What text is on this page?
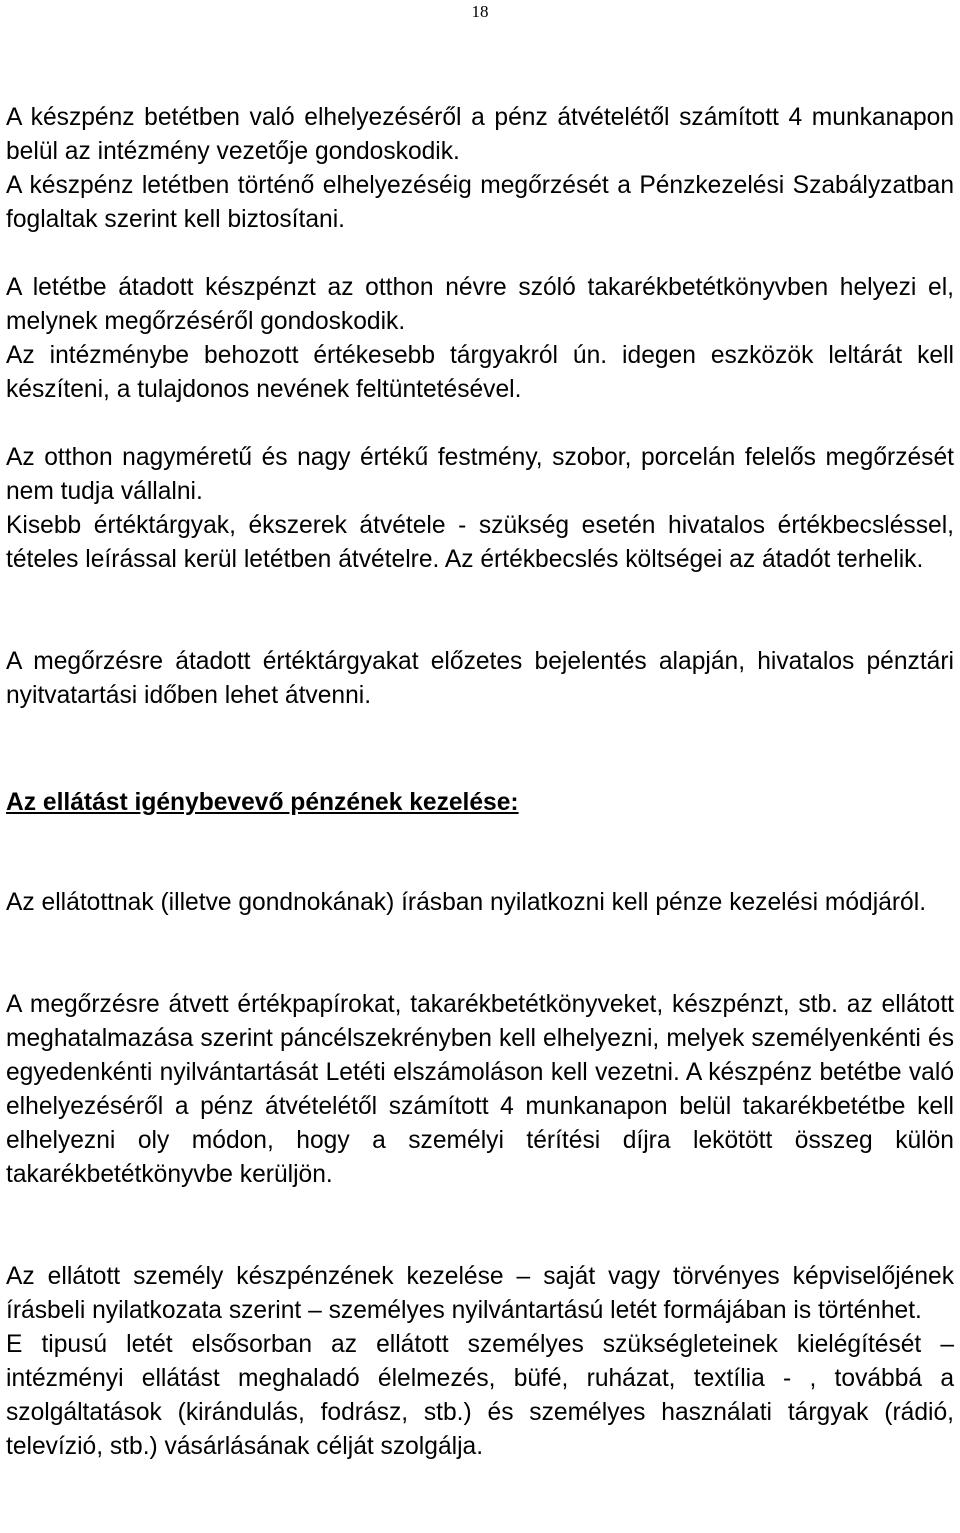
18

A készpénz betétben való elhelyezéséről a pénz átvételétől számított 4 munkanapon belül az intézmény vezetője gondoskodik.

A készpénz letétben történő elhelyezéséig megőrzését a Pénzkezelési Szabályzatban foglaltak szerint kell biztosítani.

A letétbe átadott készpénzt az otthon névre szóló takarékbetétkönyvben helyezi el, melynek megőrzéséről gondoskodik.

Az intézménybe behozott értékesebb tárgyakról ún. idegen eszközök leltárát kell készíteni, a tulajdonos nevének feltüntetésével.

Az otthon nagyméretű és nagy értékű festmény, szobor, porcelán felelős megőrzését nem tudja vállalni.

Kisebb értéktárgyak, ékszerek átvétele - szükség esetén hivatalos értékbecsléssel, tételes leírással kerül letétben átvételre. Az értékbecslés költségei az átadót terhelik.

A megőrzésre átadott értéktárgyakat előzetes bejelentés alapján, hivatalos pénztári nyitvatartási időben lehet átvenni.

Az ellátást igénybevevő pénzének kezelése:

Az ellátottnak (illetve gondnokának) írásban nyilatkozni kell pénze kezelési módjáról.

A megőrzésre átvett értékpapírokat, takarékbetétkönyveket, készpénzt, stb. az ellátott meghatalmazása szerint páncélszekrényben kell elhelyezni, melyek személyenkénti és egyedenkénti nyilvántartását Letéti elszámoláson kell vezetni. A készpénz betétbe való elhelyezéséről a pénz átvételétől számított 4 munkanapon belül takarékbetétbe kell elhelyezni oly módon, hogy a személyi térítési díjra lekötött összeg külön takarékbetétkönyvbe kerüljön.

Az ellátott személy készpénzének kezelése – saját vagy törvényes képviselőjének írásbeli nyilatkozata szerint – személyes nyilvántartású letét formájában is történhet.

E tipusú letét elsősorban az ellátott személyes szükségleteinek kielégítését – intézményi ellátást meghaladó élelmezés, büfé, ruházat, textília - , továbbá a szolgáltatások (kirándulás, fodrász, stb.) és személyes használati tárgyak (rádió, televízió, stb.) vásárlásának célját szolgálja.
